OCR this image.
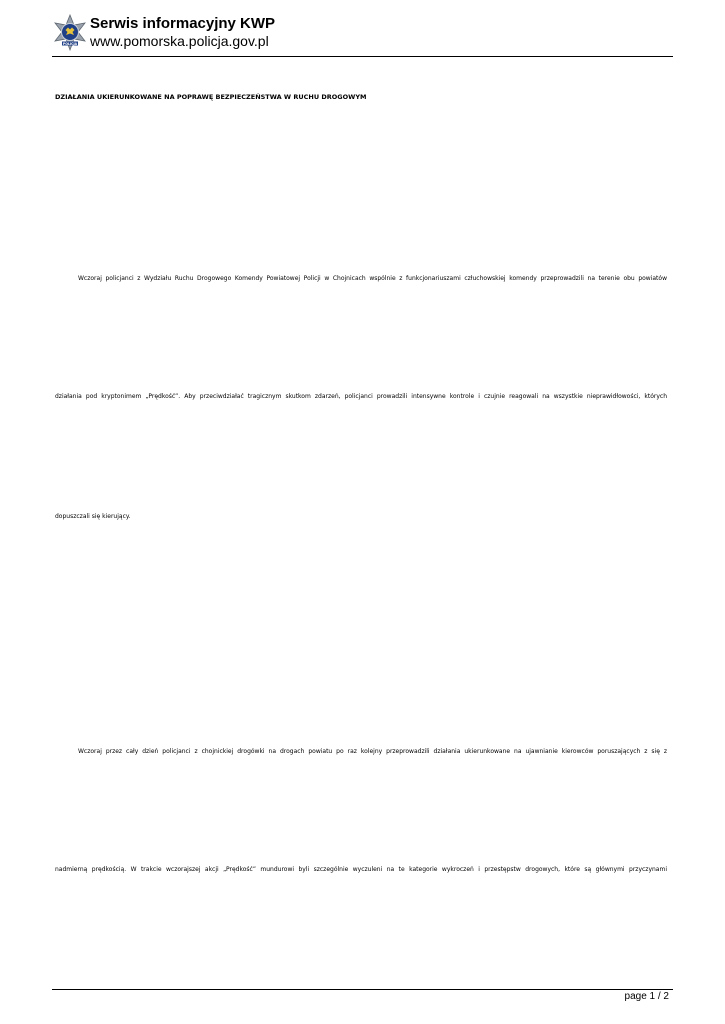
POLICJA
Serwis informacyjny KWP
www.pomorska.policja.gov.pl
DZIAŁANIA UKIERUNKOWANE NA POPRAWĘ BEZPIECZEŃSTWA W RUCHU DROGOWYM
Wczoraj policjanci z Wydziału Ruchu Drogowego Komendy Powiatowej Policji w Chojnicach wspólnie z funkcjonariuszami człuchowskiej komendy przeprowadzili na terenie obu powiatów
działania pod kryptonimem „Prędkość”. Aby przeciwdziałać tragicznym skutkom zdarzeń, policjanci prowadzili intensywne kontrole i czujnie reagowali na wszystkie nieprawidłowości, których
dopuszczali się kierujący.
Wczoraj przez cały dzień policjanci z chojnickiej drogówki na drogach powiatu po raz kolejny przeprowadzili działania ukierunkowane na ujawnianie kierowców poruszających z się z
nadmierną prędkością. W trakcie wczorajszej akcji „Prędkość” mundurowi byli szczególnie wyczuleni na te kategorie wykroczeń i przestępstw drogowych, które są głównymi przyczynami
page 1 / 2
